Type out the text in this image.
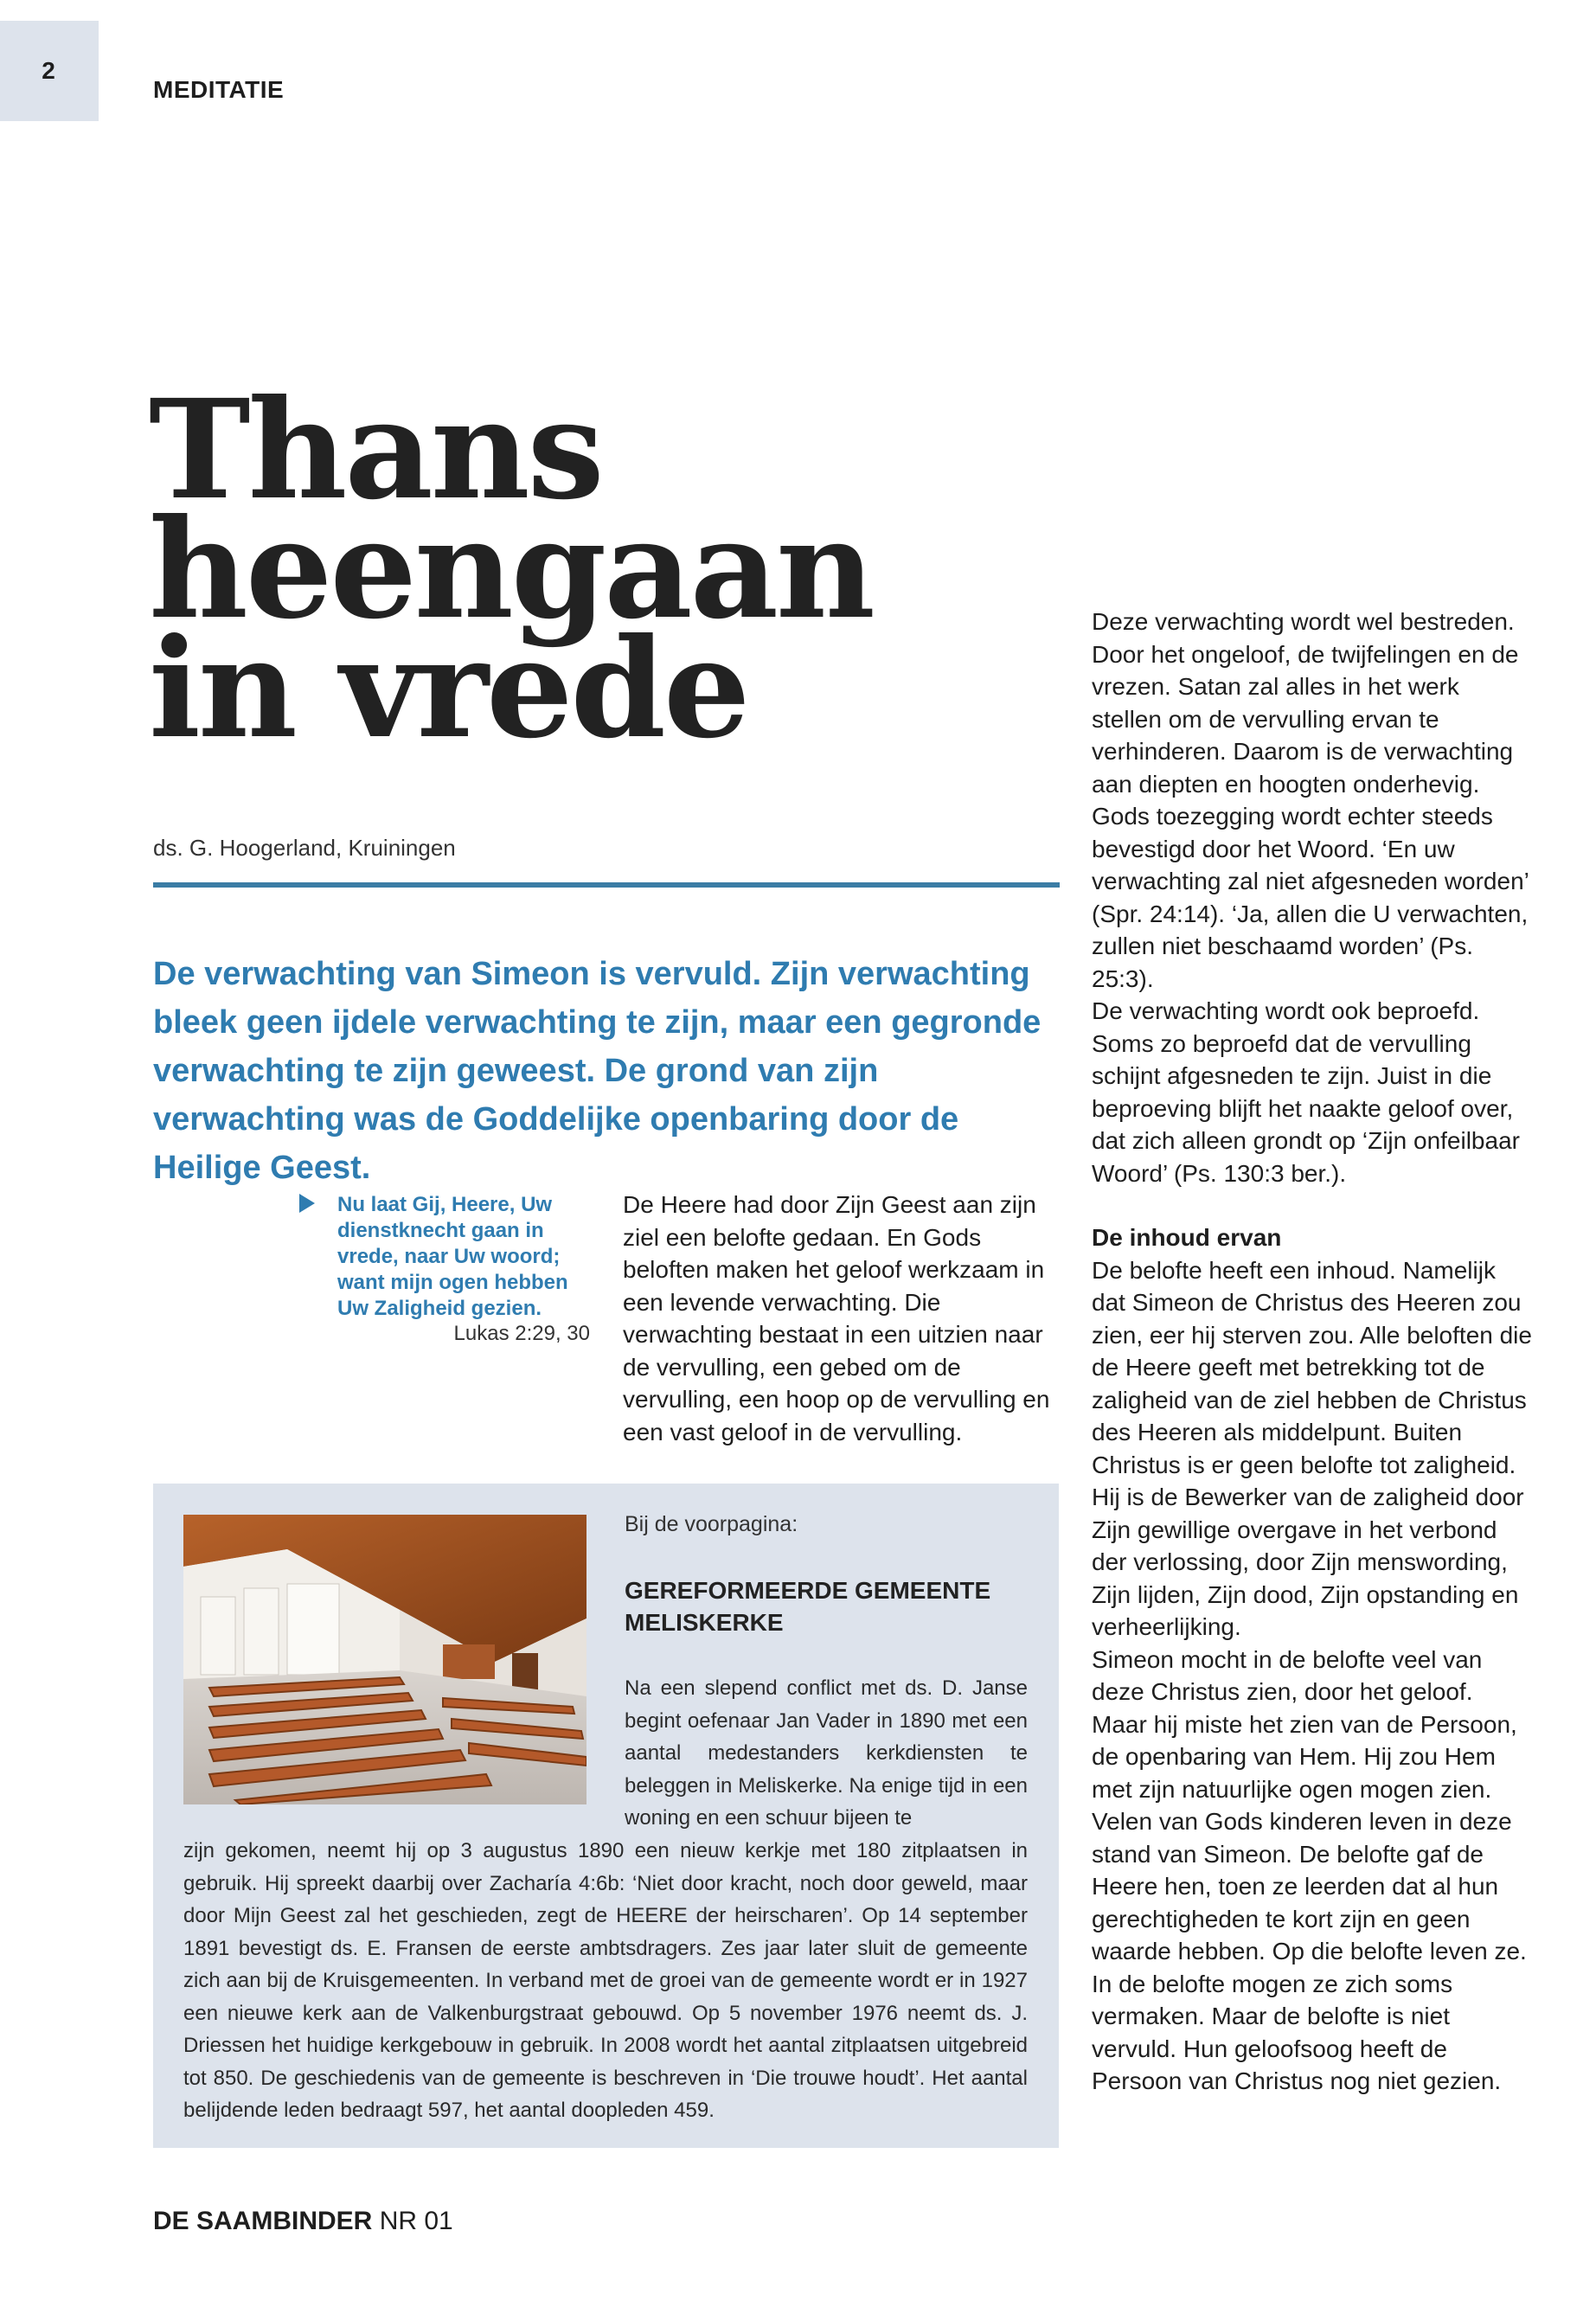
2
MEDITATIE
Thans
heengaan
in vrede
ds. G. Hoogerland, Kruiningen
De verwachting van Simeon is vervuld. Zijn verwachting bleek geen ijdele verwachting te zijn, maar een gegronde verwachting te zijn geweest. De grond van zijn verwachting was de Goddelijke openbaring door de Heilige Geest.
Nu laat Gij, Heere, Uw dienstknecht gaan in vrede, naar Uw woord; want mijn ogen hebben Uw Zaligheid gezien.
Lukas 2:29, 30

De Heere had door Zijn Geest aan zijn ziel een belofte gedaan. En Gods beloften maken het geloof werkzaam in een levende verwachting. Die verwachting bestaat in een uitzien naar de vervulling, een gebed om de vervulling, een hoop op de vervulling en een vast geloof in de vervulling.

Deze verwachting wordt wel bestreden. Door het ongeloof, de twijfelingen en de vrezen. Satan zal alles in het werk stellen om de vervulling ervan te verhinderen. Daarom is de verwachting aan diepten en hoogten onderhevig. Gods toezegging wordt echter steeds bevestigd door het Woord. ‘En uw verwachting zal niet afgesneden worden’ (Spr. 24:14). ‘Ja, allen die U verwachten, zullen niet beschaamd worden’ (Ps. 25:3).

De verwachting wordt ook beproefd. Soms zo beproefd dat de vervulling schijnt afgesneden te zijn. Juist in die beproeving blijft het naakte geloof over, dat zich alleen grondt op ‘Zijn onfeilbaar Woord’ (Ps. 130:3 ber.).

De inhoud ervan

De belofte heeft een inhoud. Namelijk dat Simeon de Christus des Heeren zou zien, eer hij sterven zou. Alle beloften die de Heere geeft met betrekking tot de zaligheid van de ziel hebben de Christus des Heeren als middelpunt. Buiten Christus is er geen belofte tot zaligheid. Hij is de Bewerker van de zaligheid door Zijn gewillige overgave in het verbond der verlossing, door Zijn menswording, Zijn lijden, Zijn dood, Zijn opstanding en verheerlijking.

Simeon mocht in de belofte veel van deze Christus zien, door het geloof. Maar hij miste het zien van de Persoon, de openbaring van Hem. Hij zou Hem met zijn natuurlijke ogen mogen zien.

Velen van Gods kinderen leven in deze stand van Simeon. De belofte gaf de Heere hen, toen ze leerden dat al hun gerechtigheden te kort zijn en geen waarde hebben. Op die belofte leven ze. In de belofte mogen ze zich soms vermaken. Maar de belofte is niet vervuld. Hun geloofsoog heeft de Persoon van Christus nog niet gezien.

Bij de voorpagina:
GEREFORMEERDE GEMEENTE MELISKERKE
Na een slepend conflict met ds. D. Janse begint oefenaar Jan Vader in 1890 met een aantal medestanders kerkdiensten te beleggen in Meliskerke. Na enige tijd in een woning en een schuur bijeen te
zijn gekomen, neemt hij op 3 augustus 1890 een nieuw kerkje met 180 zitplaatsen in gebruik. Hij spreekt daarbij over Zacharía 4:6b: ‘Niet door kracht, noch door geweld, maar door Mijn Geest zal het geschieden, zegt de HEERE der heirscharen’. Op 14 september 1891 bevestigt ds. E. Fransen de eerste ambtsdragers. Zes jaar later sluit de gemeente zich aan bij de Kruisgemeenten. In verband met de groei van de gemeente wordt er in 1927 een nieuwe kerk aan de Valkenburgstraat gebouwd. Op 5 november 1976 neemt ds. J. Driessen het huidige kerkgebouw in gebruik. In 2008 wordt het aantal zitplaatsen uitgebreid tot 850. De geschiedenis van de gemeente is beschreven in ‘Die trouwe houdt’. Het aantal belijdende leden bedraagt 597, het aantal doopleden 459.
DE SAAMBINDER NR 01
